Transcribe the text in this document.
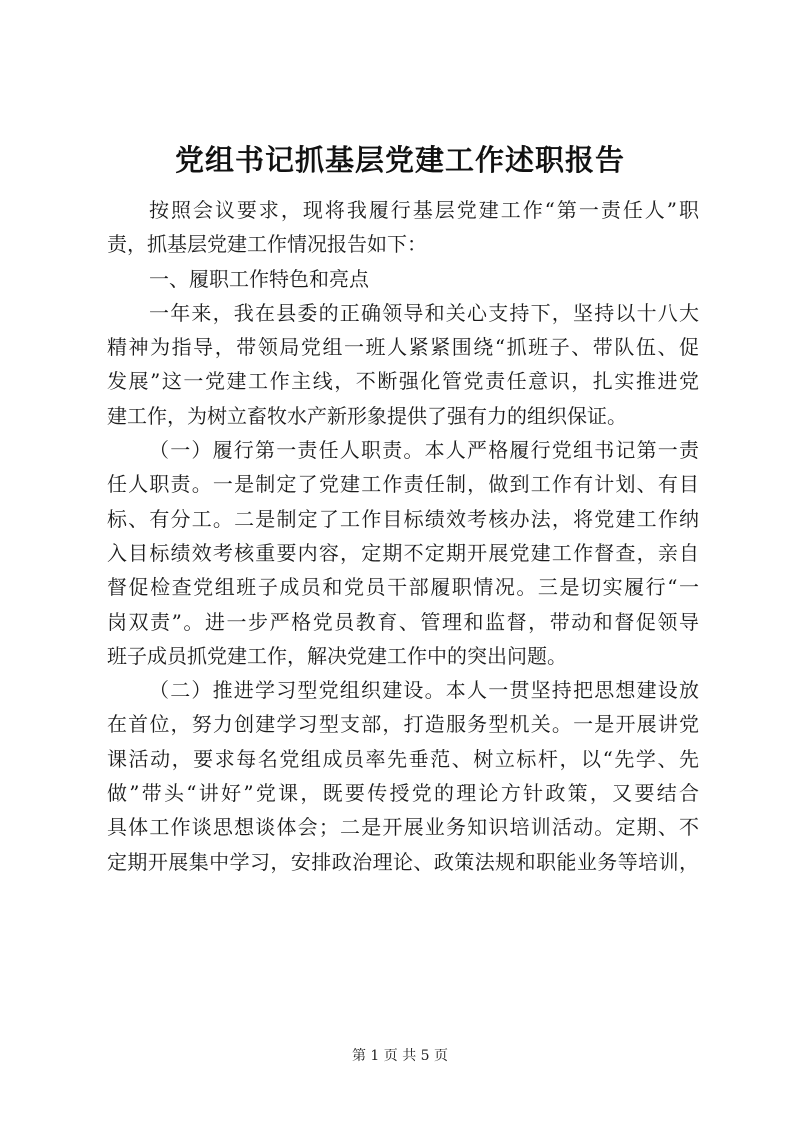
党组书记抓基层党建工作述职报告
按照会议要求，现将我履行基层党建工作“第一责任人”职
责，抓基层党建工作情况报告如下：
一、履职工作特色和亮点
一年来，我在县委的正确领导和关心支持下，坚持以十八大
精神为指导，带领局党组一班人紧紧围绕“抓班子、带队伍、促
发展”这一党建工作主线，不断强化管党责任意识，扎实推进党
建工作，为树立畜牧水产新形象提供了强有力的组织保证。
（一）履行第一责任人职责。本人严格履行党组书记第一责
任人职责。一是制定了党建工作责任制，做到工作有计划、有目
标、有分工。二是制定了工作目标绩效考核办法，将党建工作纳
入目标绩效考核重要内容，定期不定期开展党建工作督查，亲自
督促检查党组班子成员和党员干部履职情况。三是切实履行“一
岗双责”。进一步严格党员教育、管理和监督，带动和督促领导
班子成员抓党建工作，解决党建工作中的突出问题。
（二）推进学习型党组织建设。本人一贯坚持把思想建设放
在首位，努力创建学习型支部，打造服务型机关。一是开展讲党
课活动，要求每名党组成员率先垂范、树立标杆，以“先学、先
做”带头“讲好”党课，既要传授党的理论方针政策，又要结合
具体工作谈思想谈体会；二是开展业务知识培训活动。定期、不
定期开展集中学习，安排政治理论、政策法规和职能业务等培训，
第 1 页 共 5 页
